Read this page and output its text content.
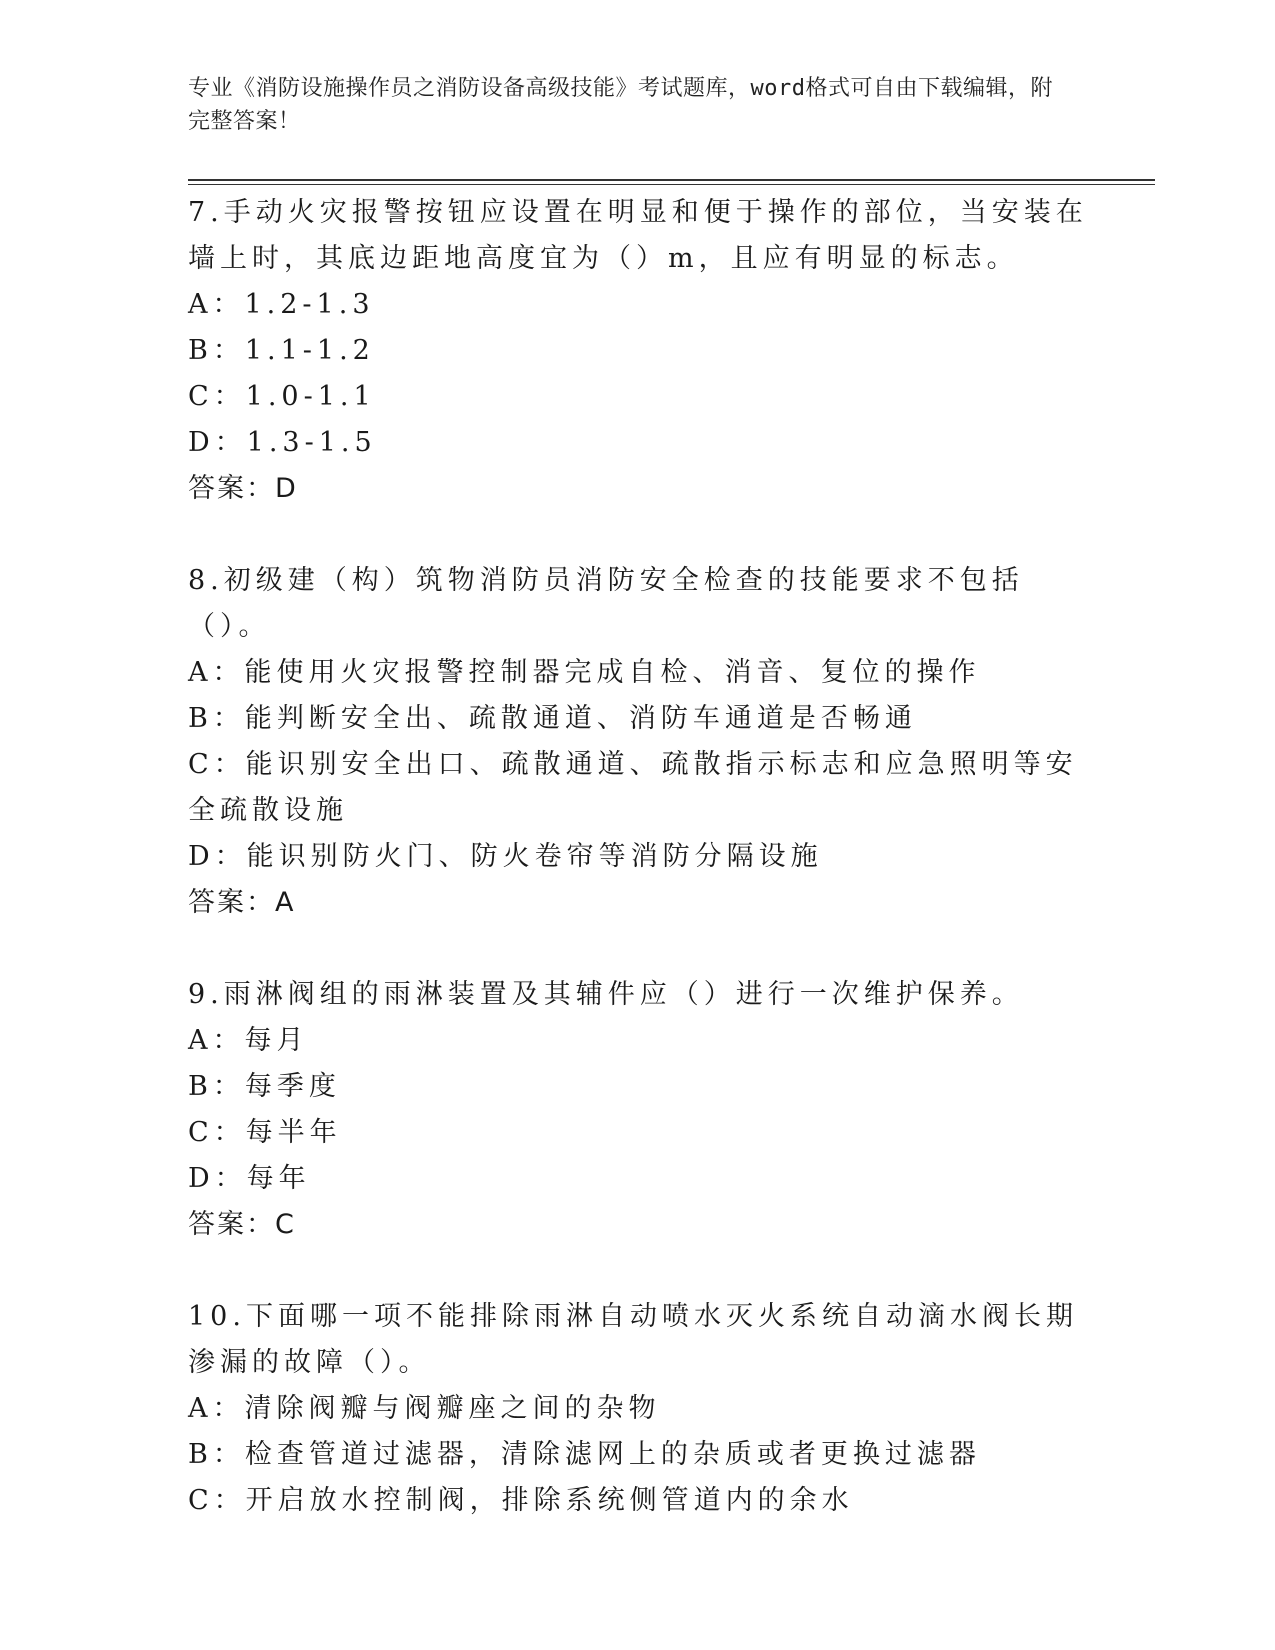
专业《消防设施操作员之消防设备高级技能》考试题库，word格式可自由下载编辑，附完整答案！
7.手动火灾报警按钮应设置在明显和便于操作的部位，当安装在墙上时，其底边距地高度宜为（）m，且应有明显的标志。
A：1.2-1.3
B：1.1-1.2
C：1.0-1.1
D：1.3-1.5
答案：D
8.初级建（构）筑物消防员消防安全检查的技能要求不包括（）。
A：能使用火灾报警控制器完成自检、消音、复位的操作
B：能判断安全出、疏散通道、消防车通道是否畅通
C：能识别安全出口、疏散通道、疏散指示标志和应急照明等安全疏散设施
D：能识别防火门、防火卷帘等消防分隔设施
答案：A
9.雨淋阀组的雨淋装置及其辅件应（）进行一次维护保养。
A：每月
B：每季度
C：每半年
D：每年
答案：C
10.下面哪一项不能排除雨淋自动喷水灭火系统自动滴水阀长期渗漏的故障（）。
A：清除阀瓣与阀瓣座之间的杂物
B：检查管道过滤器，清除滤网上的杂质或者更换过滤器
C：开启放水控制阀，排除系统侧管道内的余水
